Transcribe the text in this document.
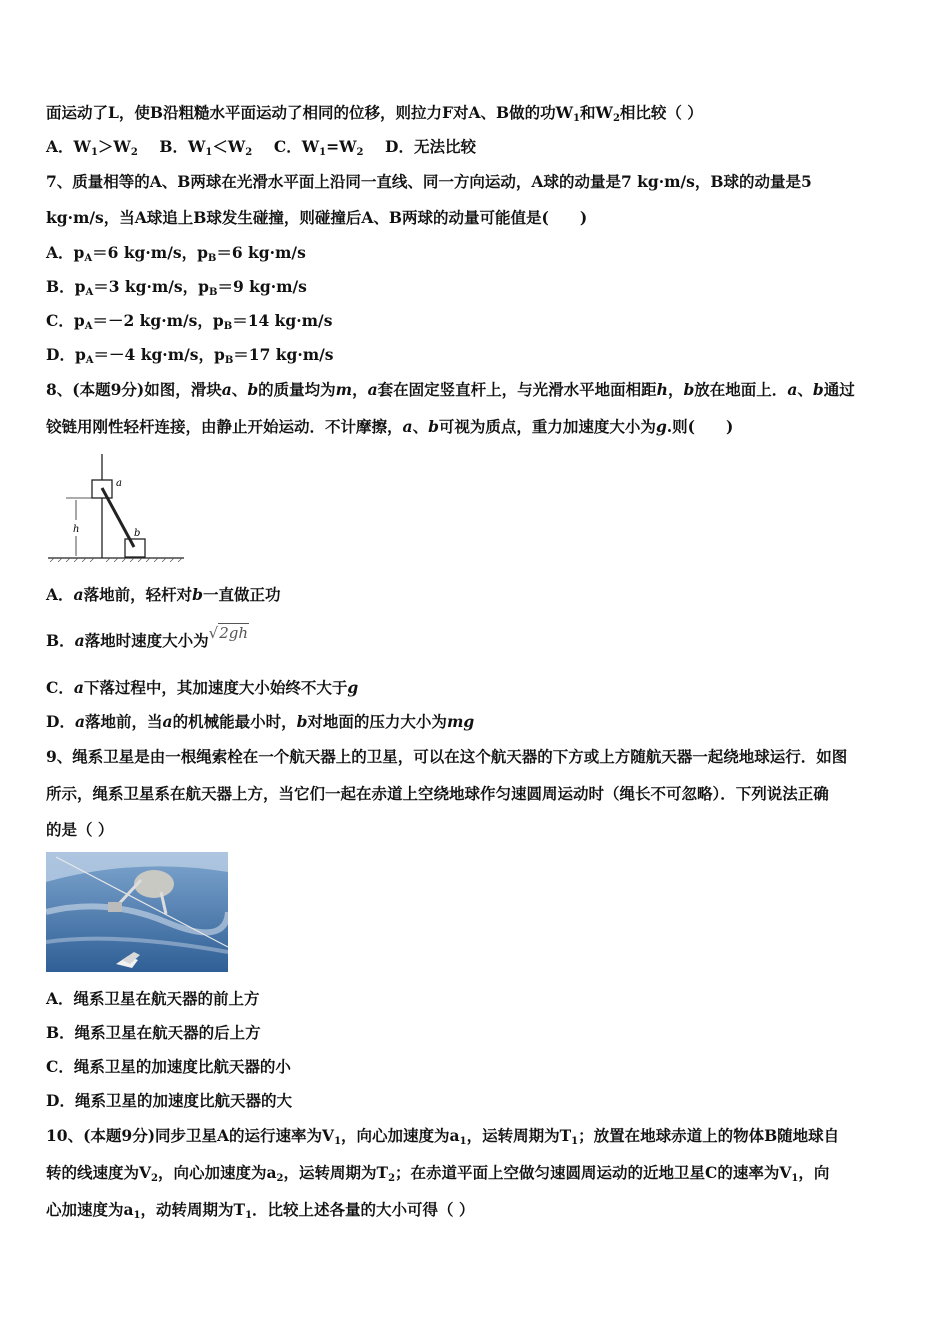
面运动了L，使B沿粗糙水平面运动了相同的位移，则拉力F对A、B做的功$W_1$和$W_2$相比较（ ）
A．$W_1>W_2$ B．$W_1<W_2$ C．$W_1=W_2$ D．无法比较
7、质量相等的A、B两球在光滑水平面上沿同一直线、同一方向运动，A球的动量是7 kg·m/s，B球的动量是5
kg·m/s，当A球追上B球发生碰撞，则碰撞后A、B两球的动量可能值是(　　)
A．$p_A=6$ kg·m/s，$p_B=6$ kg·m/s
B．$p_A=3$ kg·m/s，$p_B=9$ kg·m/s
C．$p_A=-2$ kg·m/s，$p_B=14$ kg·m/s
D．$p_A=-4$ kg·m/s，$p_B=17$ kg·m/s
8、(本题9分)如图，滑块a、b的质量均为m，a套在固定竖直杆上，与光滑水平地面相距h，b放在地面上．a、b通过
铰链用刚性轻杆连接，由静止开始运动．不计摩擦，a、b可视为质点，重力加速度大小为g.则(　　)
a
b
h
A．a落地前，轻杆对b一直做正功
B．a落地时速度大小为√2gh
C．a下落过程中，其加速度大小始终不大于g
D．a落地前，当a的机械能最小时，b对地面的压力大小为mg
9、绳系卫星是由一根绳索栓在一个航天器上的卫星，可以在这个航天器的下方或上方随航天器一起绕地球运行．如图
所示，绳系卫星系在航天器上方，当它们一起在赤道上空绕地球作匀速圆周运动时（绳长不可忽略）．下列说法正确
的是（ ）
A．绳系卫星在航天器的前上方
B．绳系卫星在航天器的后上方
C．绳系卫星的加速度比航天器的小
D．绳系卫星的加速度比航天器的大
10、(本题9分)同步卫星A的运行速率为$V_1$，向心加速度为$a_1$，运转周期为$T_1$；放置在地球赤道上的物体B随地球自
转的线速度为$V_2$，向心加速度为$a_2$，运转周期为$T_2$；在赤道平面上空做匀速圆周运动的近地卫星C的速率为$V_1$，向
心加速度为$a_1$，动转周期为$T_1$．比较上述各量的大小可得（ ）
